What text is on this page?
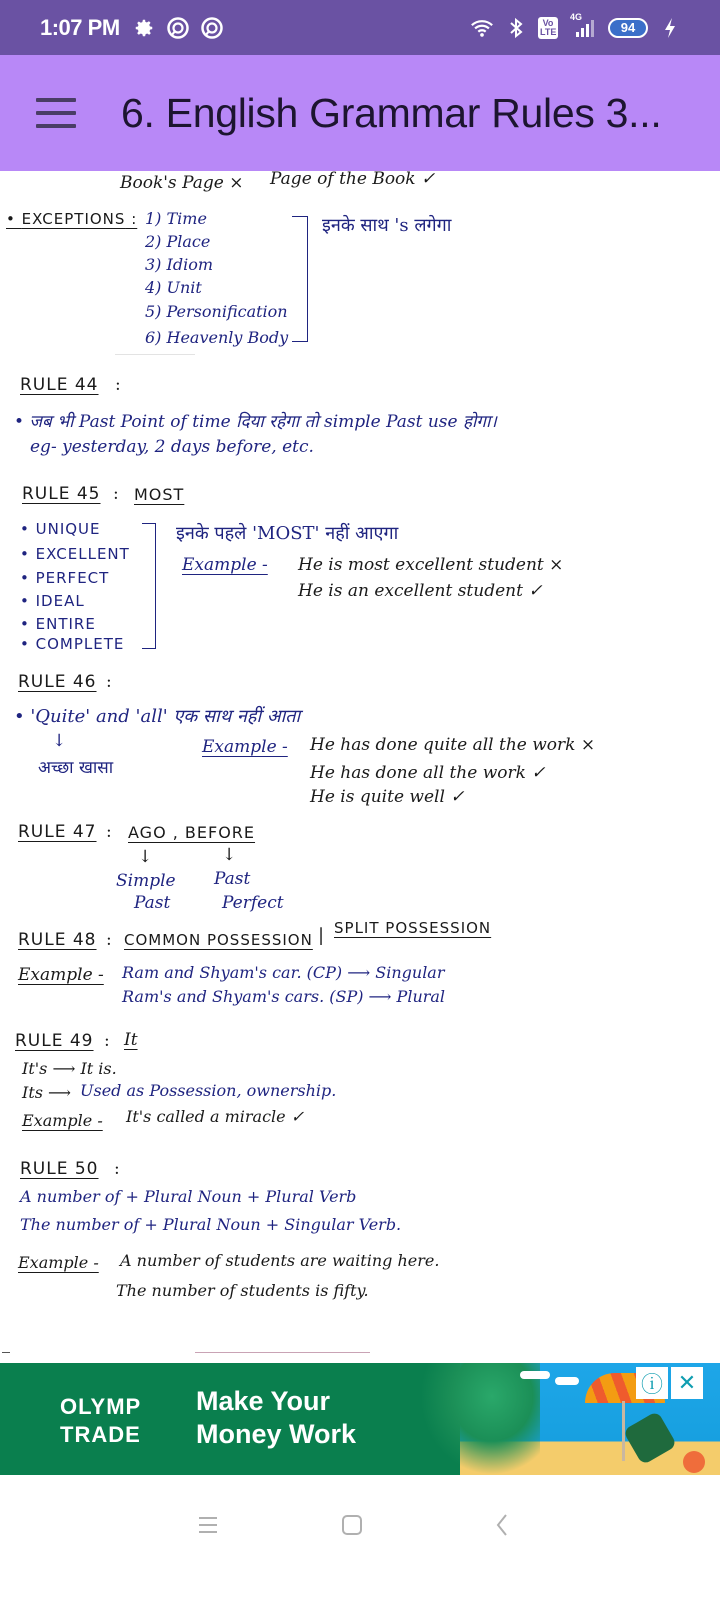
1:07 PM	Vo
LTE
4G
94
6. English Grammar Rules 3...
Book's Page × Page of the Book ✓
• EXCEPTIONS : 1) Time
2) Place
3) Idiom
4) Unit
5) Personification
6) Heavenly Body
इनके साथ 's लगेगा
RULE 44 :
• जब भी Past Point of time दिया रहेगा तो simple Past use होगा।
eg- yesterday, 2 days before, etc.
RULE 45 : MOST
• UNIQUE
• EXCELLENT
• PERFECT
• IDEAL
• ENTIRE
• COMPLETE
इनके पहले 'MOST' नहीं आएगा
Example - He is most excellent student ×
He is an excellent student ✓
RULE 46 :
• 'Quite' and 'all' एक साथ नहीं आता
↓
अच्छा खासा
Example - He has done quite all the work ×
He has done all the work ✓
He is quite well ✓
RULE 47 : AGO , BEFORE
↓	↓
Simple
Past
Past
Perfect
RULE 48 : COMMON POSSESSION | SPLIT POSSESSION
Example - Ram and Shyam's car. (CP) ⟶ Singular
Ram's and Shyam's cars. (SP) ⟶ Plural
RULE 49 : It
It's ⟶ It is.
Its ⟶ Used as Possession, ownership.
Example - It's called a miracle ✓
RULE 50 :
A number of + Plural Noun + Plural Verb
The number of + Plural Noun + Singular Verb.
Example - A number of students are waiting here.
The number of students is fifty.
OLYMP
TRADE
Make Your
Money Work
ⓘ ✕
